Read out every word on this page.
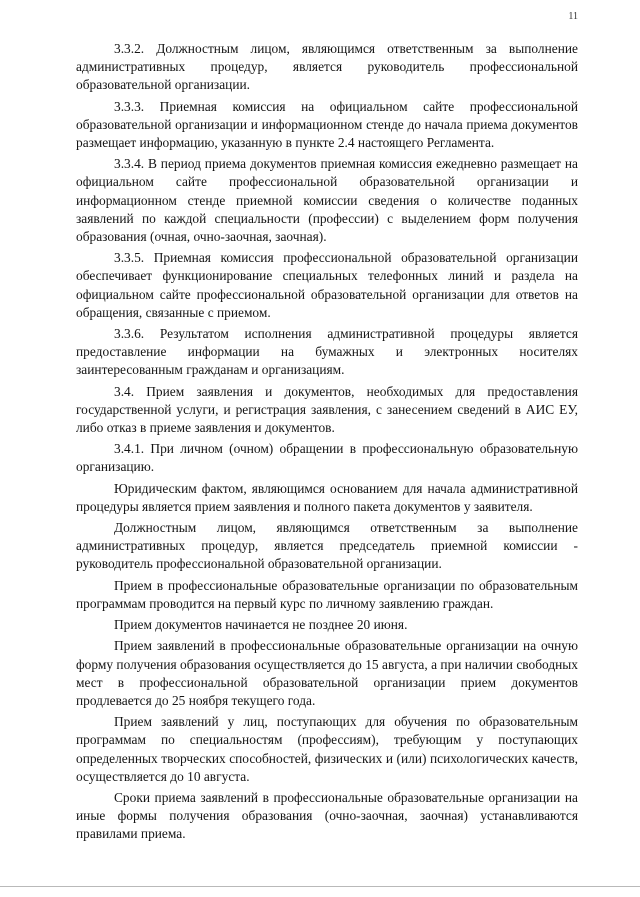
11

3.3.2. Должностным лицом, являющимся ответственным за выполнение административных процедур, является руководитель профессиональной образовательной организации.

3.3.3. Приемная комиссия на официальном сайте профессиональной образовательной организации и информационном стенде до начала приема документов размещает информацию, указанную в пункте 2.4 настоящего Регламента.

3.3.4. В период приема документов приемная комиссия ежедневно размещает на официальном сайте профессиональной образовательной организации и информационном стенде приемной комиссии сведения о количестве поданных заявлений по каждой специальности (профессии) с выделением форм получения образования (очная, очно-заочная, заочная).

3.3.5. Приемная комиссия профессиональной образовательной организации обеспечивает функционирование специальных телефонных линий и раздела на официальном сайте профессиональной образовательной организации для ответов на обращения, связанные с приемом.

3.3.6. Результатом исполнения административной процедуры является предоставление информации на бумажных и электронных носителях заинтересованным гражданам и организациям.

3.4. Прием заявления и документов, необходимых для предоставления государственной услуги, и регистрация заявления, с занесением сведений в АИС ЕУ, либо отказ в приеме заявления и документов.

3.4.1. При личном (очном) обращении в профессиональную образовательную организацию.

Юридическим фактом, являющимся основанием для начала административной процедуры является прием заявления и полного пакета документов у заявителя.

Должностным лицом, являющимся ответственным за выполнение административных процедур, является председатель приемной комиссии - руководитель профессиональной образовательной организации.

Прием в профессиональные образовательные организации по образовательным программам проводится на первый курс по личному заявлению граждан.

Прием документов начинается не позднее 20 июня.

Прием заявлений в профессиональные образовательные организации на очную форму получения образования осуществляется до 15 августа, а при наличии свободных мест в профессиональной образовательной организации прием документов продлевается до 25 ноября текущего года.

Прием заявлений у лиц, поступающих для обучения по образовательным программам по специальностям (профессиям), требующим у поступающих определенных творческих способностей, физических и (или) психологических качеств, осуществляется до 10 августа.

Сроки приема заявлений в профессиональные образовательные организации на иные формы получения образования (очно-заочная, заочная) устанавливаются правилами приема.
